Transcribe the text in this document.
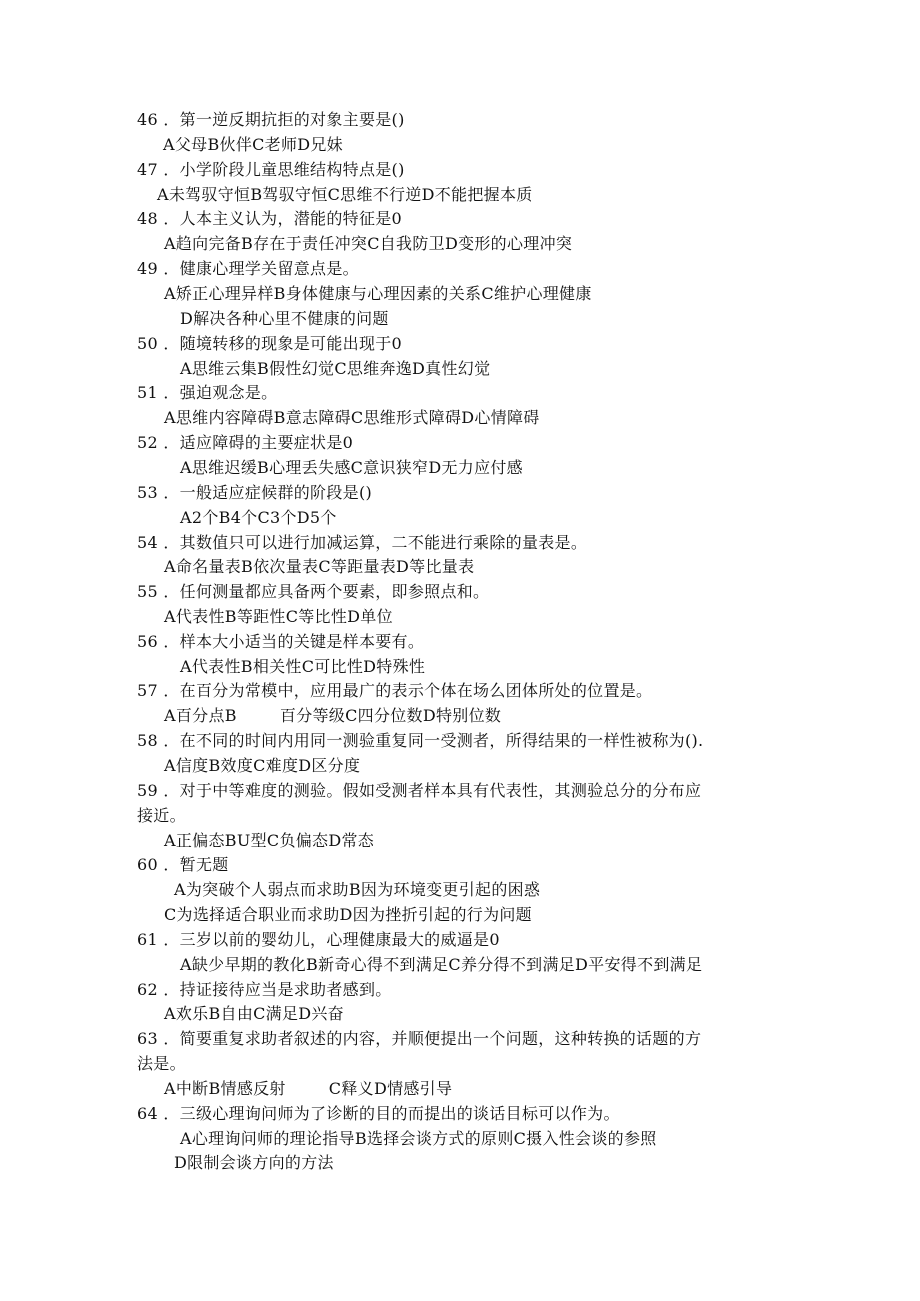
46 ．第一逆反期抗拒的对象主要是()
A父母B伙伴C老师D兄妹
47 ．小学阶段儿童思维结构特点是()
A未驾驭守恒B驾驭守恒C思维不行逆D不能把握本质
48 ．人本主义认为，潜能的特征是0
A趋向完备B存在于责任冲突C自我防卫D变形的心理冲突
49 ．健康心理学关留意点是。
A矫正心理异样B身体健康与心理因素的关系C维护心理健康
D解决各种心里不健康的问题
50 ．随境转移的现象是可能出现于0
A思维云集B假性幻觉C思维奔逸D真性幻觉
51 ．强迫观念是。
A思维内容障碍B意志障碍C思维形式障碍D心情障碍
52 ．适应障碍的主要症状是0
A思维迟缓B心理丢失感C意识狭窄D无力应付感
53 ．一般适应症候群的阶段是()
A2个B4个C3个D5个
54 ．其数值只可以进行加减运算，二不能进行乘除的量表是。
A命名量表B依次量表C等距量表D等比量表
55 ．任何测量都应具备两个要素，即参照点和。
A代表性B等距性C等比性D单位
56 ．样本大小适当的关键是样本要有。
A代表性B相关性C可比性D特殊性
57 ．在百分为常模中，应用最广的表示个体在场么团体所处的位置是。
A百分点B        百分等级C四分位数D特别位数
58 ．在不同的时间内用同一测验重复同一受测者，所得结果的一样性被称为().
A信度B效度C难度D区分度
59 ．对于中等难度的测验。假如受测者样本具有代表性，其测验总分的分布应
接近。
A正偏态BU型C负偏态D常态
60 ．暂无题
A为突破个人弱点而求助B因为环境变更引起的困惑
C为选择适合职业而求助D因为挫折引起的行为问题
61 ．三岁以前的婴幼儿，心理健康最大的威逼是0
A缺少早期的教化B新奇心得不到满足C养分得不到满足D平安得不到满足
62 ．持证接待应当是求助者感到。
A欢乐B自由C满足D兴奋
63 ．简要重复求助者叙述的内容，并顺便提出一个问题，这种转换的话题的方
法是。
A中断B情感反射        C释义D情感引导
64 ．三级心理询问师为了诊断的目的而提出的谈话目标可以作为。
A心理询问师的理论指导B选择会谈方式的原则C摄入性会谈的参照
D限制会谈方向的方法
